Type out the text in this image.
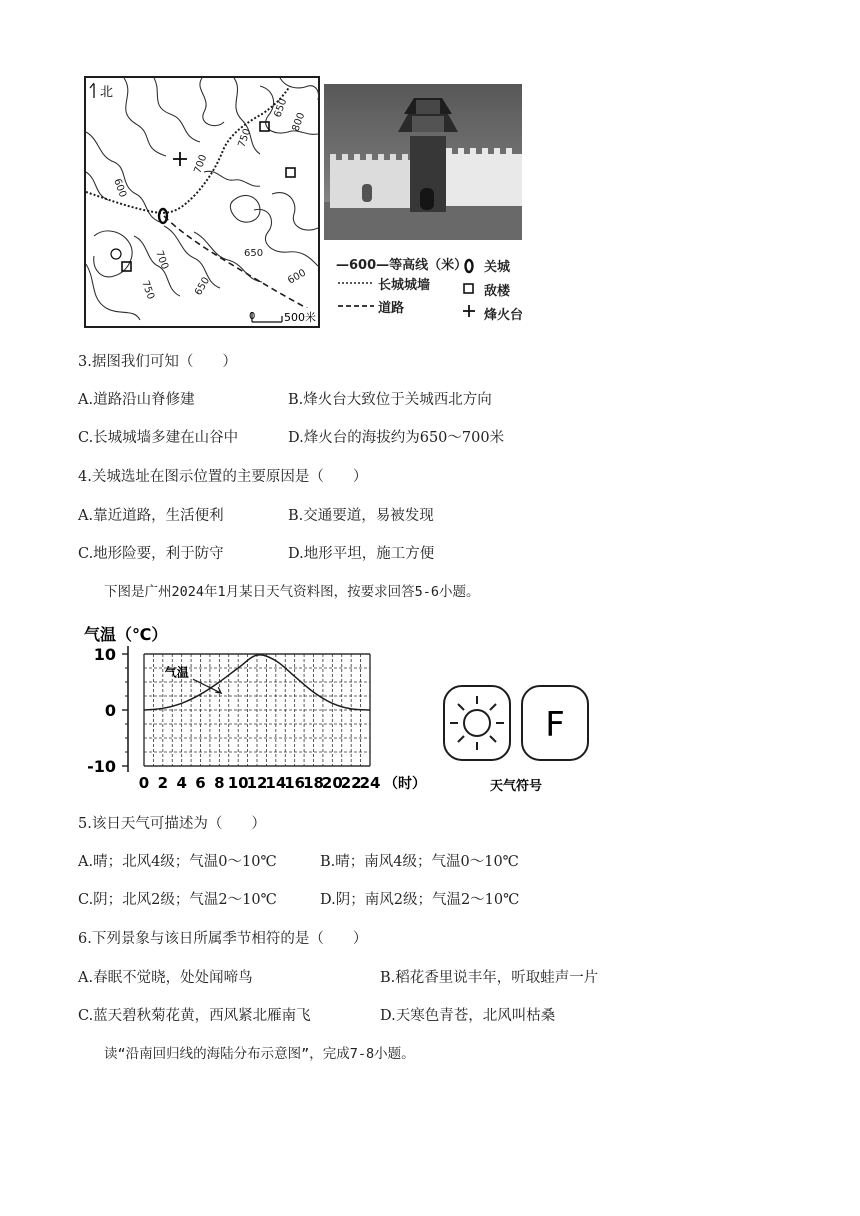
北
650
800
750
700
600
650
600
700
750	650
0	500米
—600—等高线（米）
长城城墙
道路
关城
敌楼
烽火台
3.据图我们可知（　　）
A.道路沿山脊修建	B.烽火台大致位于关城西北方向
C.长城城墙多建在山谷中	D.烽火台的海拔约为650～700米
4.关城选址在图示位置的主要原因是（　　）
A.靠近道路，生活便利	B.交通要道，易被发现
C.地形险要，利于防守	D.地形平坦，施工方便
下图是广州2024年1月某日天气资料图，按要求回答5-6小题。
气温（℃）
10
0
-10
0 2 4 6 8 10
12
14
16
18
20
22
24
气温
（时）
F
天气符号
5.该日天气可描述为（　　）
A.晴；北风4级；气温0～10℃	B.晴；南风4级；气温0～10℃
C.阴；北风2级；气温2～10℃	D.阴；南风2级；气温2～10℃
6.下列景象与该日所属季节相符的是（　　）
A.春眠不觉晓，处处闻啼鸟	B.稻花香里说丰年，听取蛙声一片
C.蓝天碧秋菊花黄，西风紧北雁南飞	D.天寒色青苍，北风叫枯桑
读“沿南回归线的海陆分布示意图”，完成7-8小题。
